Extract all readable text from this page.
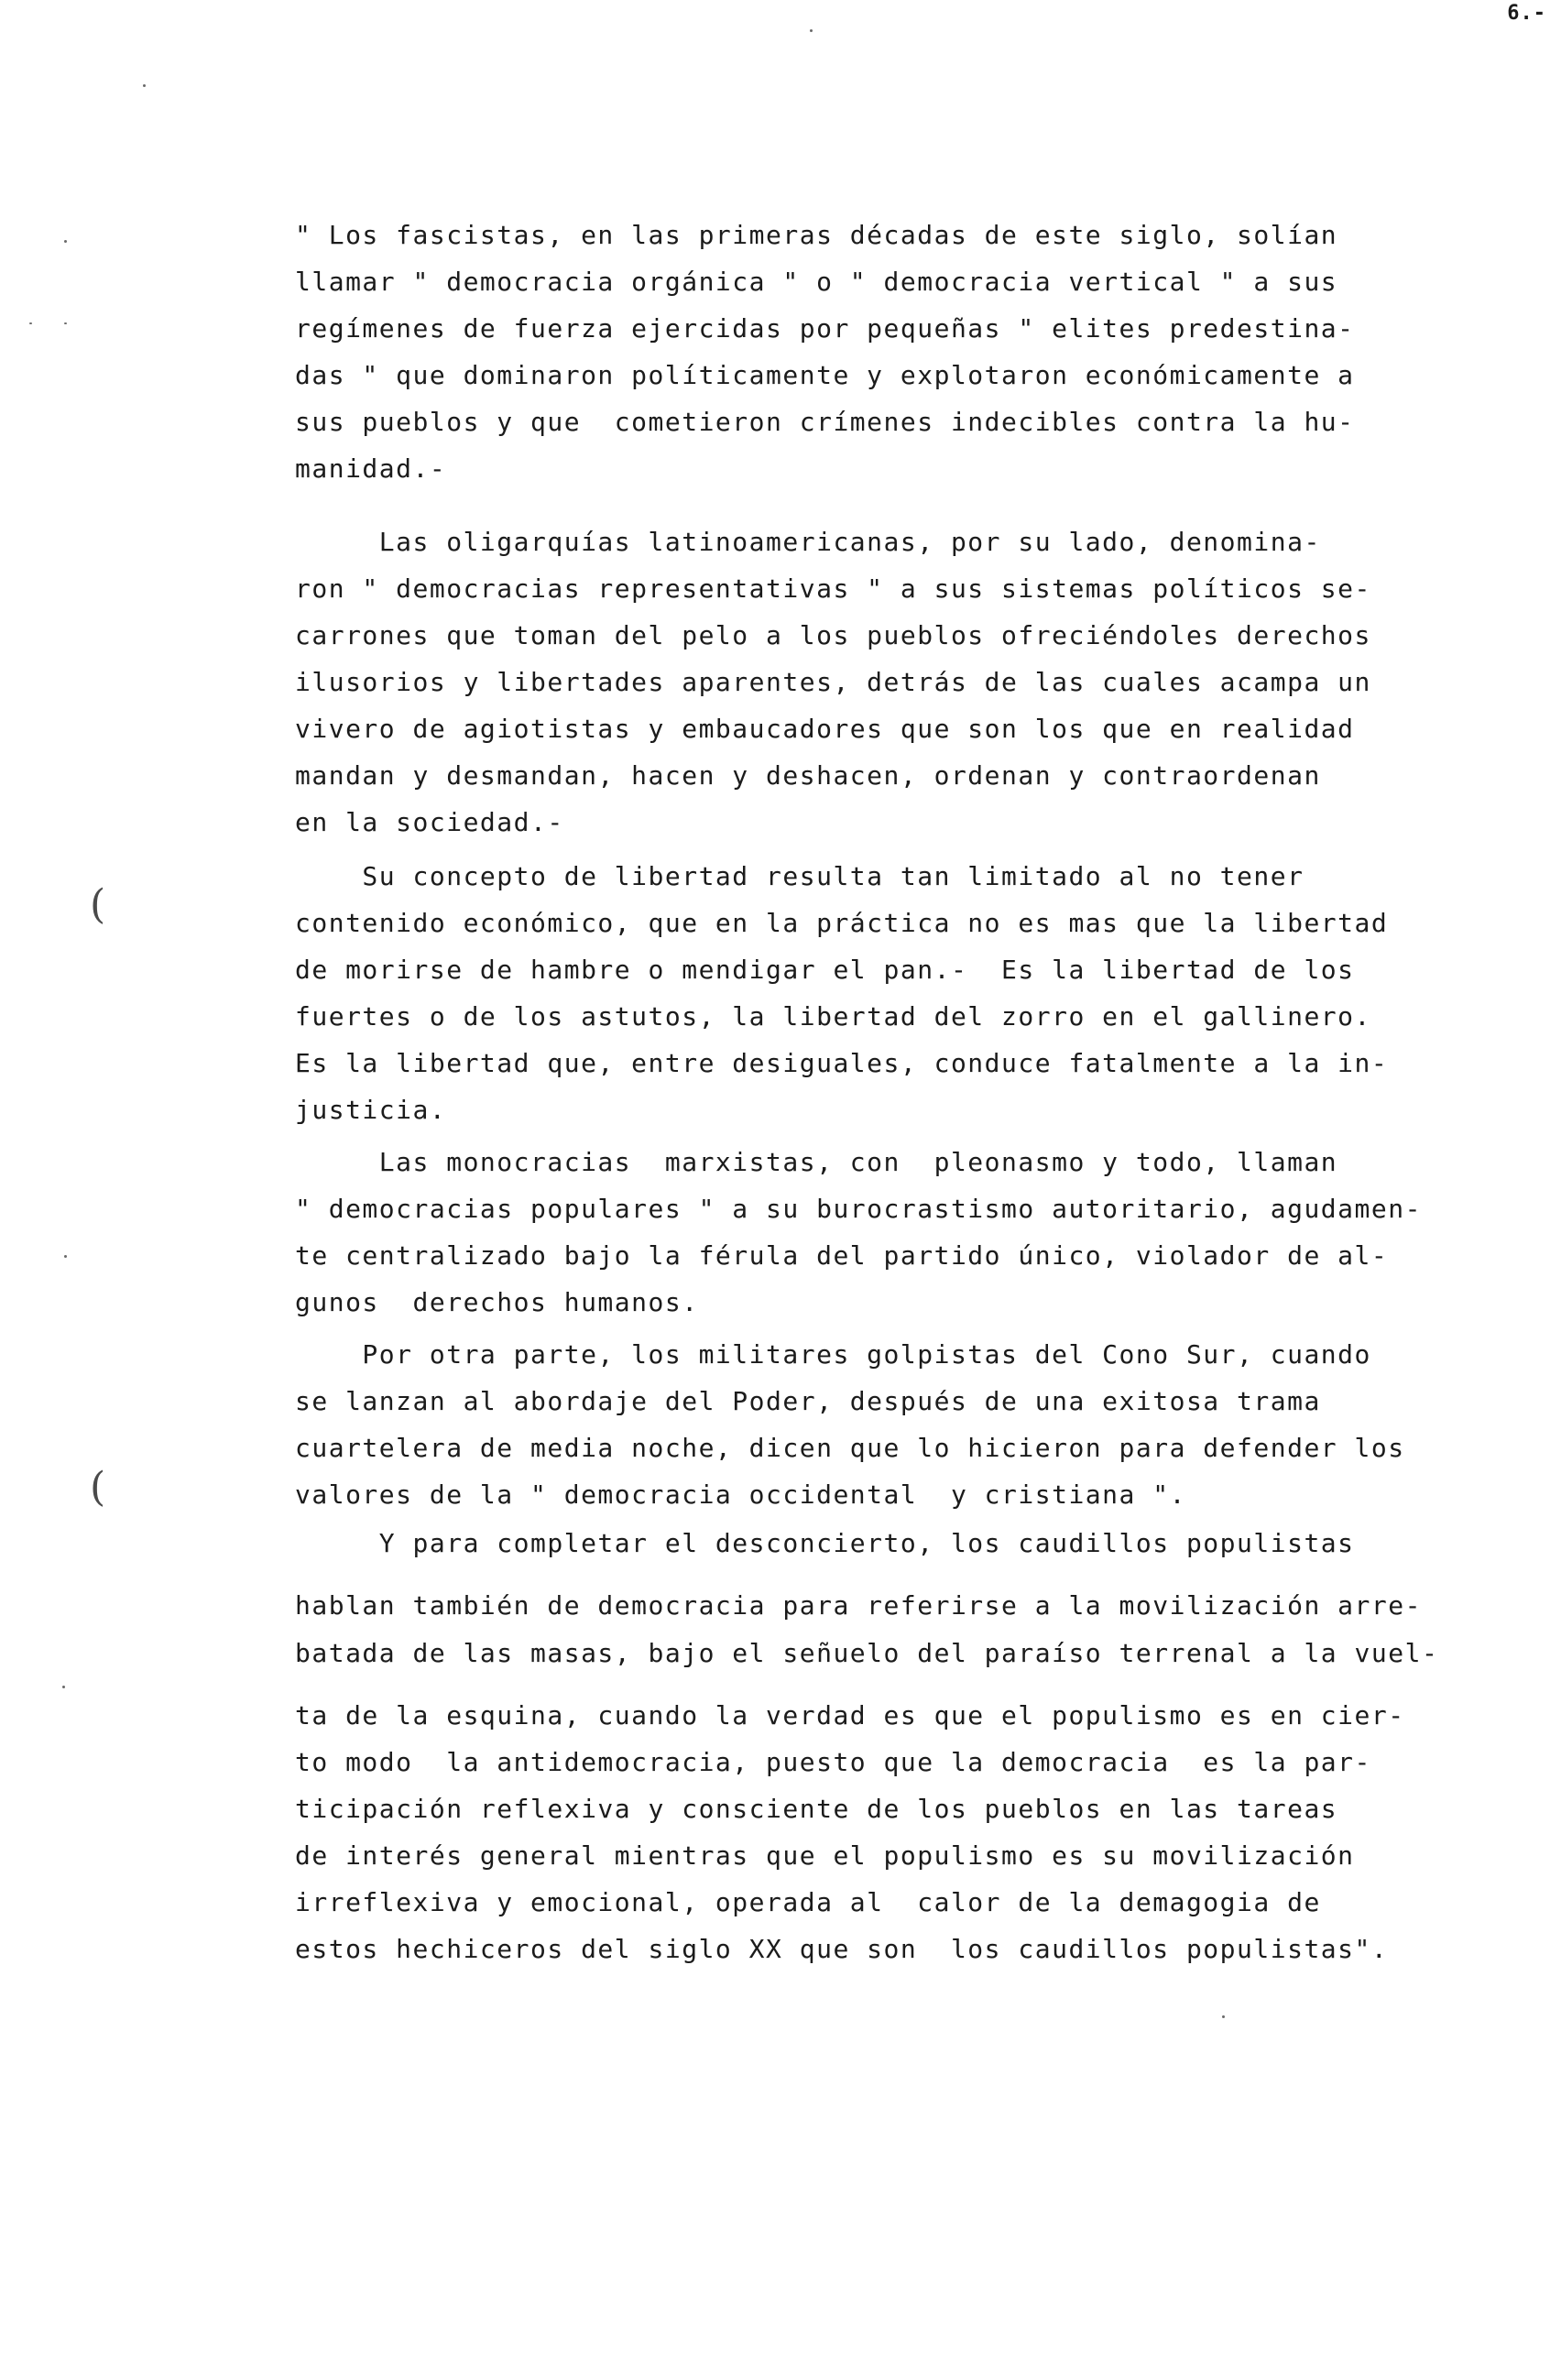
6.-
(
(
" Los fascistas, en las primeras décadas de este siglo, solían
llamar " democracia orgánica " o " democracia vertical " a sus
regímenes de fuerza ejercidas por pequeñas " elites predestina-
das " que dominaron políticamente y explotaron económicamente a
sus pueblos y que  cometieron crímenes indecibles contra la hu-
manidad.-
Las oligarquías latinoamericanas, por su lado, denomina-
ron " democracias representativas " a sus sistemas políticos se-
carrones que toman del pelo a los pueblos ofreciéndoles derechos
ilusorios y libertades aparentes, detrás de las cuales acampa un
vivero de agiotistas y embaucadores que son los que en realidad
mandan y desmandan, hacen y deshacen, ordenan y contraordenan
en la sociedad.-
Su concepto de libertad resulta tan limitado al no tener
contenido económico, que en la práctica no es mas que la libertad
de morirse de hambre o mendigar el pan.-  Es la libertad de los
fuertes o de los astutos, la libertad del zorro en el gallinero.
Es la libertad que, entre desiguales, conduce fatalmente a la in-
justicia.
Las monocracias  marxistas, con  pleonasmo y todo, llaman
" democracias populares " a su burocrastismo autoritario, agudamen-
te centralizado bajo la férula del partido único, violador de al-
gunos  derechos humanos.
Por otra parte, los militares golpistas del Cono Sur, cuando
se lanzan al abordaje del Poder, después de una exitosa trama
cuartelera de media noche, dicen que lo hicieron para defender los
valores de la " democracia occidental  y cristiana ".
Y para completar el desconcierto, los caudillos populistas
hablan también de democracia para referirse a la movilización arre-
batada de las masas, bajo el señuelo del paraíso terrenal a la vuel-
ta de la esquina, cuando la verdad es que el populismo es en cier-
to modo  la antidemocracia, puesto que la democracia  es la par-
ticipación reflexiva y consciente de los pueblos en las tareas
de interés general mientras que el populismo es su movilización
irreflexiva y emocional, operada al  calor de la demagogia de
estos hechiceros del siglo XX que son  los caudillos populistas".
